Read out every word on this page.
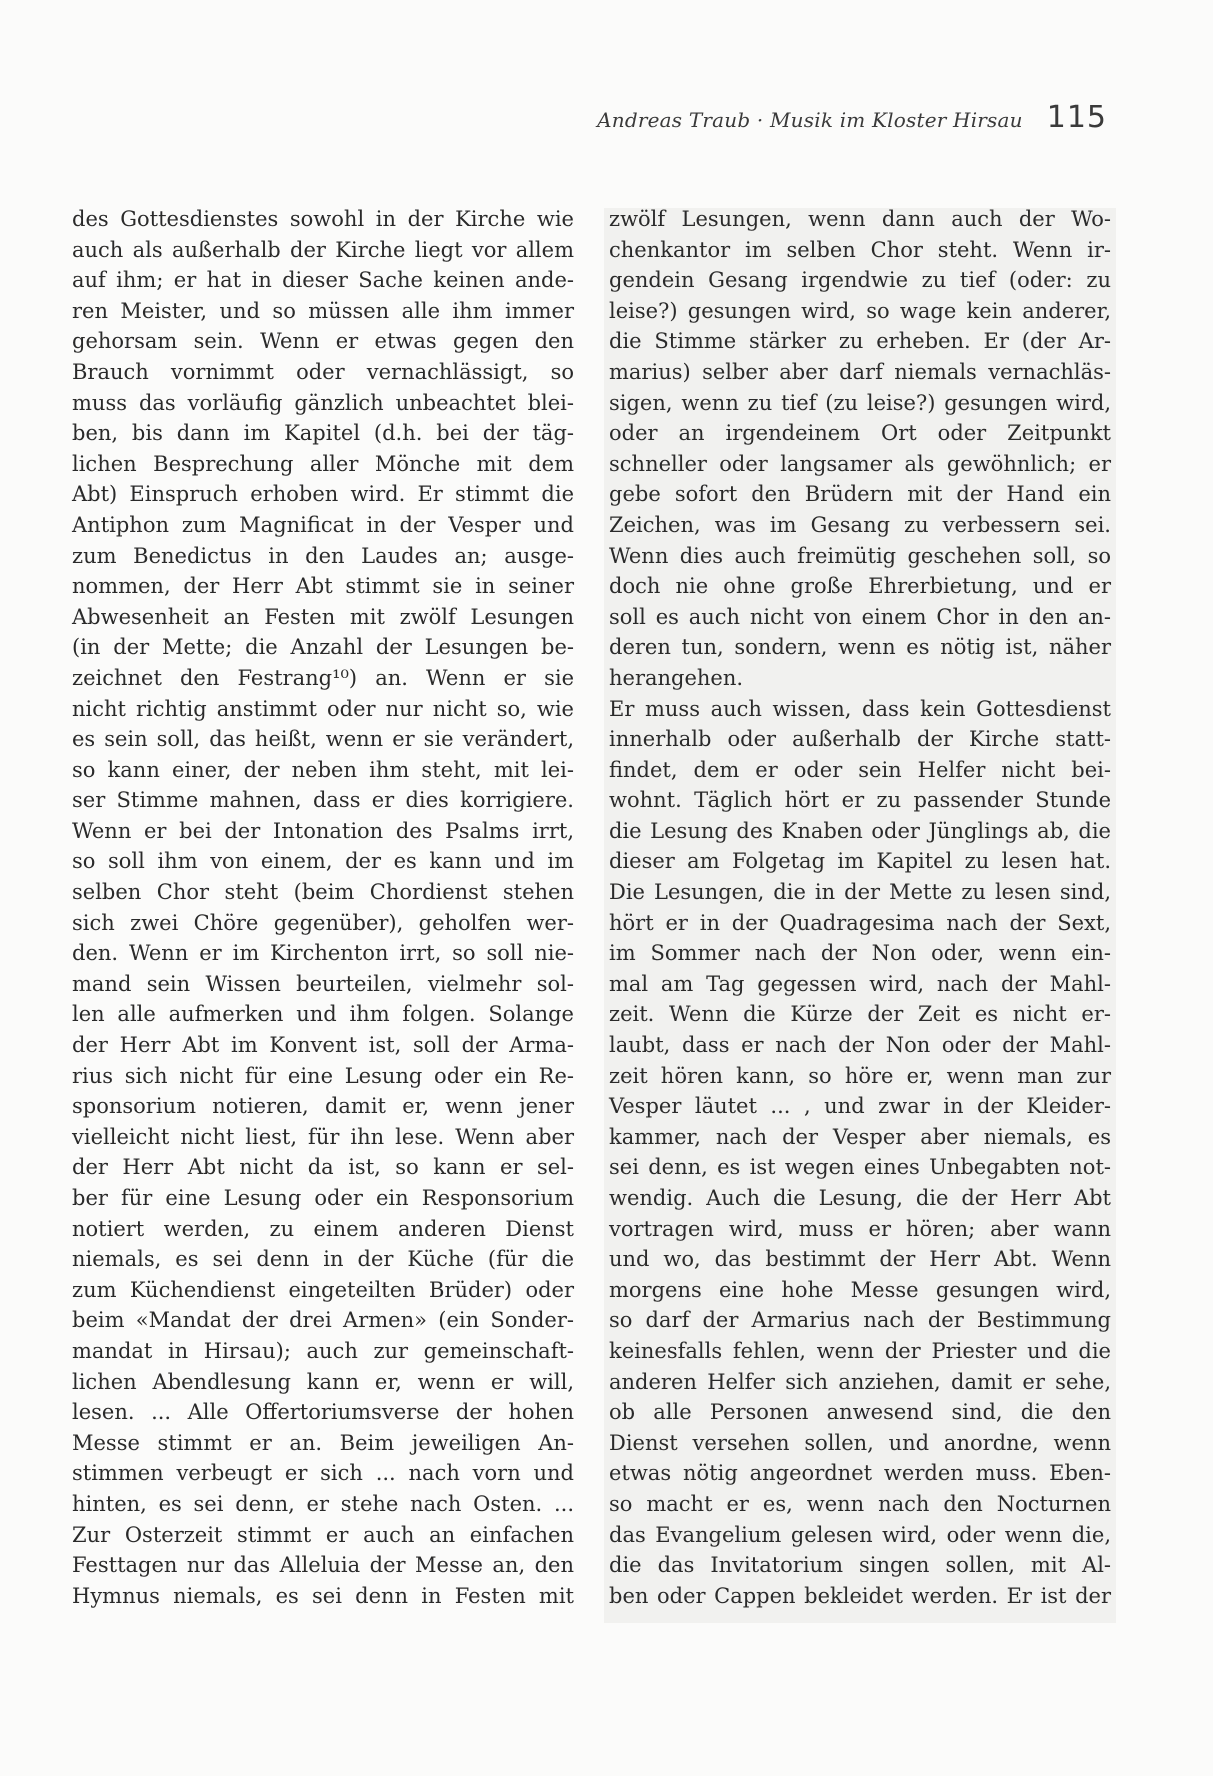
Andreas Traub · Musik im Kloster Hirsau 115
des Gottesdienstes sowohl in der Kirche wie
auch als außerhalb der Kirche liegt vor allem
auf ihm; er hat in dieser Sache keinen ande-
ren Meister, und so müssen alle ihm immer
gehorsam sein. Wenn er etwas gegen den
Brauch vornimmt oder vernachlässigt, so
muss das vorläufig gänzlich unbeachtet blei-
ben, bis dann im Kapitel (d.h. bei der täg-
lichen Besprechung aller Mönche mit dem
Abt) Einspruch erhoben wird. Er stimmt die
Antiphon zum Magnificat in der Vesper und
zum Benedictus in den Laudes an; ausge-
nommen, der Herr Abt stimmt sie in seiner
Abwesenheit an Festen mit zwölf Lesungen
(in der Mette; die Anzahl der Lesungen be-
zeichnet den Festrang¹⁰) an. Wenn er sie
nicht richtig anstimmt oder nur nicht so, wie
es sein soll, das heißt, wenn er sie verändert,
so kann einer, der neben ihm steht, mit lei-
ser Stimme mahnen, dass er dies korrigiere.
Wenn er bei der Intonation des Psalms irrt,
so soll ihm von einem, der es kann und im
selben Chor steht (beim Chordienst stehen
sich zwei Chöre gegenüber), geholfen wer-
den. Wenn er im Kirchenton irrt, so soll nie-
mand sein Wissen beurteilen, vielmehr sol-
len alle aufmerken und ihm folgen. Solange
der Herr Abt im Konvent ist, soll der Arma-
rius sich nicht für eine Lesung oder ein Re-
sponsorium notieren, damit er, wenn jener
vielleicht nicht liest, für ihn lese. Wenn aber
der Herr Abt nicht da ist, so kann er sel-
ber für eine Lesung oder ein Responsorium
notiert werden, zu einem anderen Dienst
niemals, es sei denn in der Küche (für die
zum Küchendienst eingeteilten Brüder) oder
beim «Mandat der drei Armen» (ein Sonder-
mandat in Hirsau); auch zur gemeinschaft-
lichen Abendlesung kann er, wenn er will,
lesen. ... Alle Offertoriumsverse der hohen
Messe stimmt er an. Beim jeweiligen An-
stimmen verbeugt er sich ... nach vorn und
hinten, es sei denn, er stehe nach Osten. ...
Zur Osterzeit stimmt er auch an einfachen
Festtagen nur das Alleluia der Messe an, den
Hymnus niemals, es sei denn in Festen mit
zwölf Lesungen, wenn dann auch der Wo-
chenkantor im selben Chor steht. Wenn ir-
gendein Gesang irgendwie zu tief (oder: zu
leise?) gesungen wird, so wage kein anderer,
die Stimme stärker zu erheben. Er (der Ar-
marius) selber aber darf niemals vernachläs-
sigen, wenn zu tief (zu leise?) gesungen wird,
oder an irgendeinem Ort oder Zeitpunkt
schneller oder langsamer als gewöhnlich; er
gebe sofort den Brüdern mit der Hand ein
Zeichen, was im Gesang zu verbessern sei.
Wenn dies auch freimütig geschehen soll, so
doch nie ohne große Ehrerbietung, und er
soll es auch nicht von einem Chor in den an-
deren tun, sondern, wenn es nötig ist, näher
herangehen.
Er muss auch wissen, dass kein Gottesdienst
innerhalb oder außerhalb der Kirche statt-
findet, dem er oder sein Helfer nicht bei-
wohnt. Täglich hört er zu passender Stunde
die Lesung des Knaben oder Jünglings ab, die
dieser am Folgetag im Kapitel zu lesen hat.
Die Lesungen, die in der Mette zu lesen sind,
hört er in der Quadragesima nach der Sext,
im Sommer nach der Non oder, wenn ein-
mal am Tag gegessen wird, nach der Mahl-
zeit. Wenn die Kürze der Zeit es nicht er-
laubt, dass er nach der Non oder der Mahl-
zeit hören kann, so höre er, wenn man zur
Vesper läutet ... , und zwar in der Kleider-
kammer, nach der Vesper aber niemals, es
sei denn, es ist wegen eines Unbegabten not-
wendig. Auch die Lesung, die der Herr Abt
vortragen wird, muss er hören; aber wann
und wo, das bestimmt der Herr Abt. Wenn
morgens eine hohe Messe gesungen wird,
so darf der Armarius nach der Bestimmung
keinesfalls fehlen, wenn der Priester und die
anderen Helfer sich anziehen, damit er sehe,
ob alle Personen anwesend sind, die den
Dienst versehen sollen, und anordne, wenn
etwas nötig angeordnet werden muss. Eben-
so macht er es, wenn nach den Nocturnen
das Evangelium gelesen wird, oder wenn die,
die das Invitatorium singen sollen, mit Al-
ben oder Cappen bekleidet werden. Er ist der
